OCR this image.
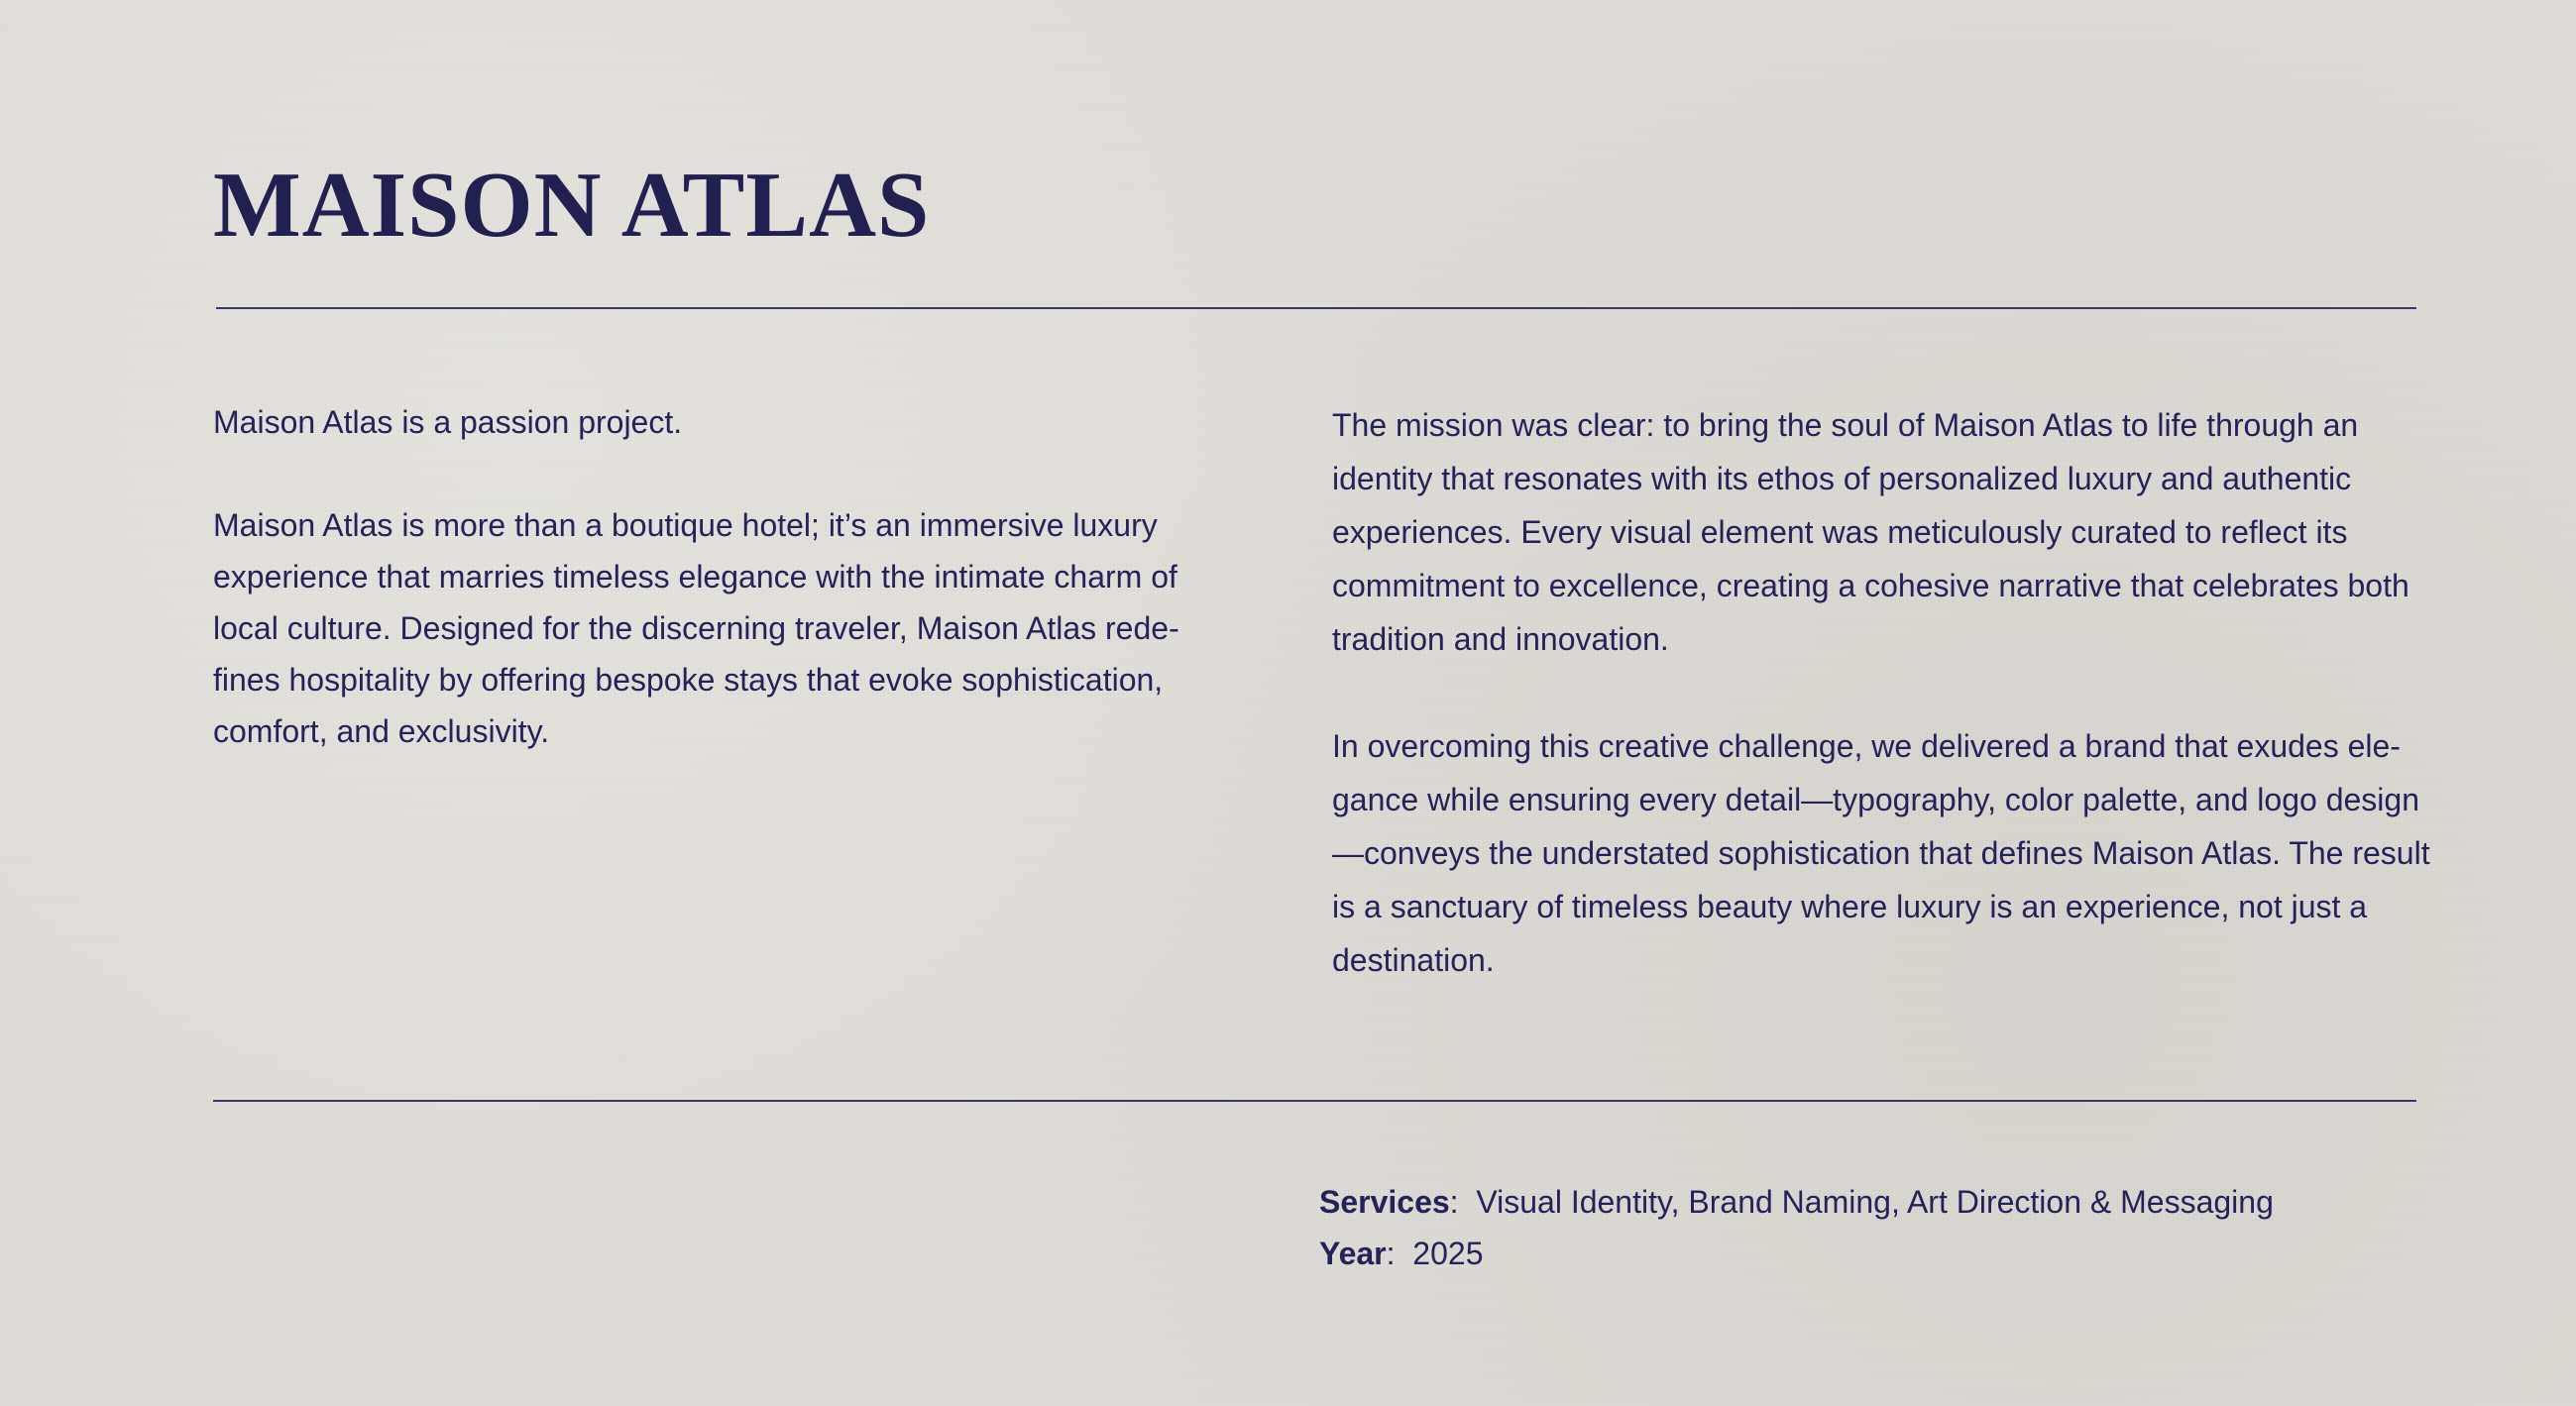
MAISON ATLAS

Maison Atlas is a passion project.

Maison Atlas is more than a boutique hotel; it’s an immersive luxury experience that marries timeless elegance with the intimate charm of local culture. Designed for the discerning traveler, Maison Atlas redefines hospitality by offering bespoke stays that evoke sophistication, comfort, and exclusivity.

The mission was clear: to bring the soul of Maison Atlas to life through an identity that resonates with its ethos of personalized luxury and authentic experiences. Every visual element was meticulously curated to reflect its commitment to excellence, creating a cohesive narrative that celebrates both tradition and innovation.

In overcoming this creative challenge, we delivered a brand that exudes elegance while ensuring every detail—typography, color palette, and logo design—conveys the understated sophistication that defines Maison Atlas. The result is a sanctuary of timeless beauty where luxury is an experience, not just a destination.

Services:  Visual Identity, Brand Naming, Art Direction & Messaging
Year:  2025
